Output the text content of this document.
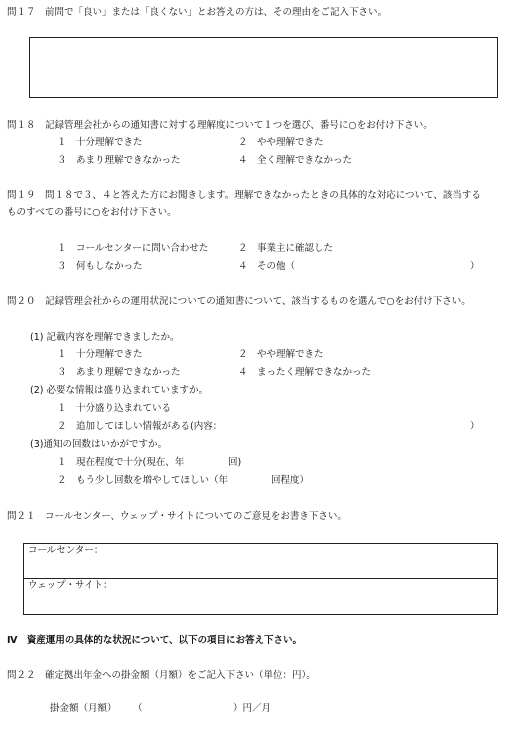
問１７　前問で「良い」または「良くない」とお答えの方は、その理由をご記入下さい。
問１８　記録管理会社からの通知書に対する理解度について１つを選び、番号に○をお付け下さい。
１　十分理解できた	２　やや理解できた
３　あまり理解できなかった	４　全く理解できなかった
問１９　問１８で３、４と答えた方にお聞きします。理解できなかったときの具体的な対応について、該当する
ものすべての番号に○をお付け下さい。
１　コールセンターに問い合わせた	２　事業主に確認した
３　何もしなかった	４　その他（	）
問２０　記録管理会社からの運用状況についての通知書について、該当するものを選んで○をお付け下さい。
(1) 記載内容を理解できましたか。
１　十分理解できた	２　やや理解できた
３　あまり理解できなかった	４　まったく理解できなかった
(2) 必要な情報は盛り込まれていますか。
１　十分盛り込まれている
２　追加してほしい情報がある(内容：	）
(3)通知の回数はいかがですか。
１　現在程度で十分(現在、年	回)
２　もう少し回数を増やしてほしい（年	回程度）
問２１　コールセンター、ウェップ・サイトについてのご意見をお書き下さい。
コールセンター：
ウェップ・サイト：
Ⅳ　資産運用の具体的な状況について、以下の項目にお答え下さい。
問２２　確定拠出年金への掛金額（月額）をご記入下さい（単位：円）。
掛金額（月額） （	）円／月
